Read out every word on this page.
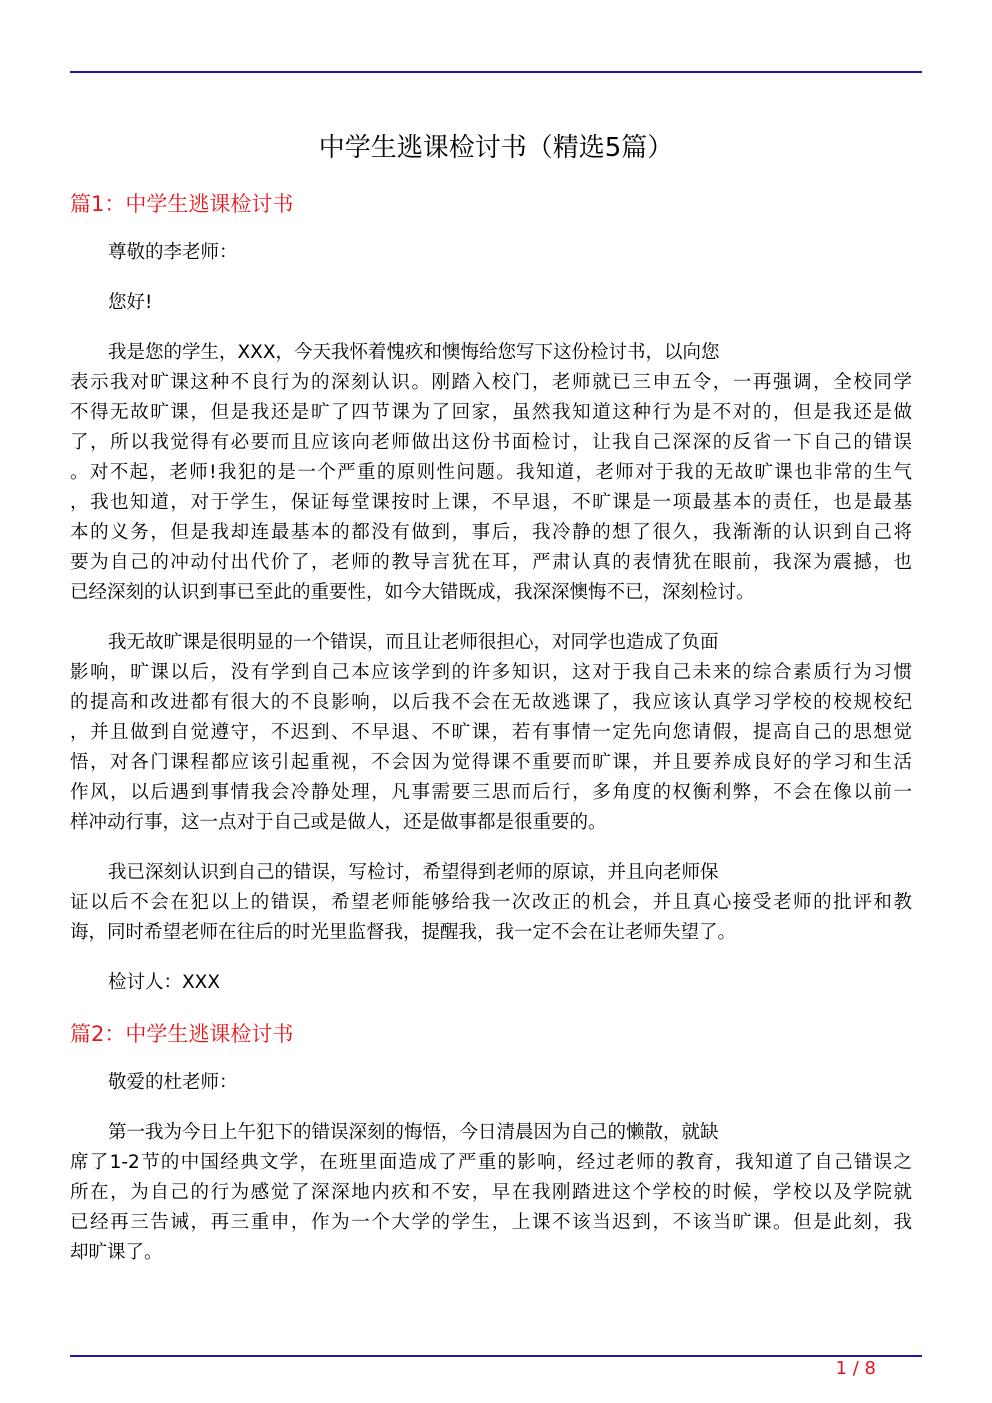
中学生逃课检讨书（精选5篇）
篇1：中学生逃课检讨书
尊敬的李老师：
您好!
我是您的学生，XXX，今天我怀着愧疚和懊悔给您写下这份检讨书，以向您
表示我对旷课这种不良行为的深刻认识。刚踏入校门，老师就已三申五令，一再强调，全校同学
不得无故旷课，但是我还是旷了四节课为了回家，虽然我知道这种行为是不对的，但是我还是做
了，所以我觉得有必要而且应该向老师做出这份书面检讨，让我自己深深的反省一下自己的错误
。对不起，老师!我犯的是一个严重的原则性问题。我知道，老师对于我的无故旷课也非常的生气
，我也知道，对于学生，保证每堂课按时上课，不早退，不旷课是一项最基本的责任，也是最基
本的义务，但是我却连最基本的都没有做到，事后，我冷静的想了很久，我渐渐的认识到自己将
要为自己的冲动付出代价了，老师的教导言犹在耳，严肃认真的表情犹在眼前，我深为震撼，也
已经深刻的认识到事已至此的重要性，如今大错既成，我深深懊悔不已，深刻检讨。
我无故旷课是很明显的一个错误，而且让老师很担心，对同学也造成了负面
影响，旷课以后，没有学到自己本应该学到的许多知识，这对于我自己未来的综合素质行为习惯
的提高和改进都有很大的不良影响，以后我不会在无故逃课了，我应该认真学习学校的校规校纪
，并且做到自觉遵守，不迟到、不早退、不旷课，若有事情一定先向您请假，提高自己的思想觉
悟，对各门课程都应该引起重视，不会因为觉得课不重要而旷课，并且要养成良好的学习和生活
作风，以后遇到事情我会冷静处理，凡事需要三思而后行，多角度的权衡利弊，不会在像以前一
样冲动行事，这一点对于自己或是做人，还是做事都是很重要的。
我已深刻认识到自己的错误，写检讨，希望得到老师的原谅，并且向老师保
证以后不会在犯以上的错误，希望老师能够给我一次改正的机会，并且真心接受老师的批评和教
诲，同时希望老师在往后的时光里监督我，提醒我，我一定不会在让老师失望了。
检讨人：XXX
篇2：中学生逃课检讨书
敬爱的杜老师：
第一我为今日上午犯下的错误深刻的悔悟，今日清晨因为自己的懒散，就缺
席了1-2节的中国经典文学，在班里面造成了严重的影响，经过老师的教育，我知道了自己错误之
所在，为自己的行为感觉了深深地内疚和不安，早在我刚踏进这个学校的时候，学校以及学院就
已经再三告诫，再三重申，作为一个大学的学生，上课不该当迟到，不该当旷课。但是此刻，我
却旷课了。
1 / 8
